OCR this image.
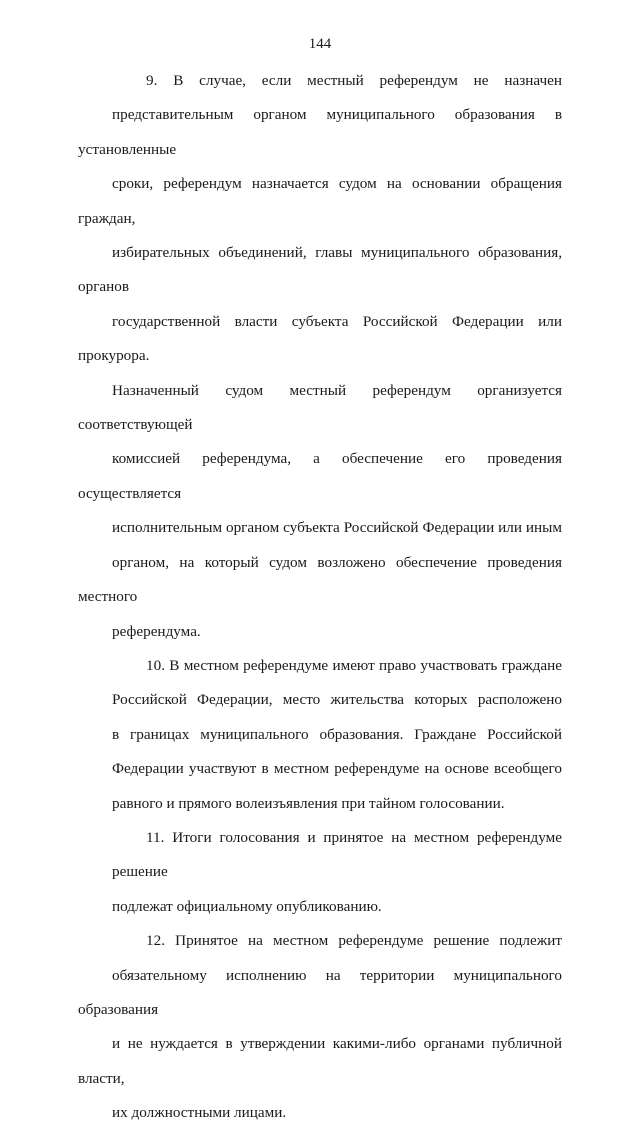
144
9. В случае, если местный референдум не назначен
представительным органом муниципального образования в установленные
сроки, референдум назначается судом на основании обращения граждан,
избирательных объединений, главы муниципального образования, органов
государственной власти субъекта Российской Федерации или прокурора.
Назначенный судом местный референдум организуется соответствующей
комиссией референдума, а обеспечение его проведения осуществляется
исполнительным органом субъекта Российской Федерации или иным
органом, на который судом возложено обеспечение проведения местного
референдума.
10. В местном референдуме имеют право участвовать граждане
Российской Федерации, место жительства которых расположено
в границах муниципального образования. Граждане Российской
Федерации участвуют в местном референдуме на основе всеобщего
равного и прямого волеизъявления при тайном голосовании.
11. Итоги голосования и принятое на местном референдуме решение
подлежат официальному опубликованию.
12. Принятое на местном референдуме решение подлежит
обязательному исполнению на территории муниципального образования
и не нуждается в утверждении какими-либо органами публичной власти,
их должностными лицами.
